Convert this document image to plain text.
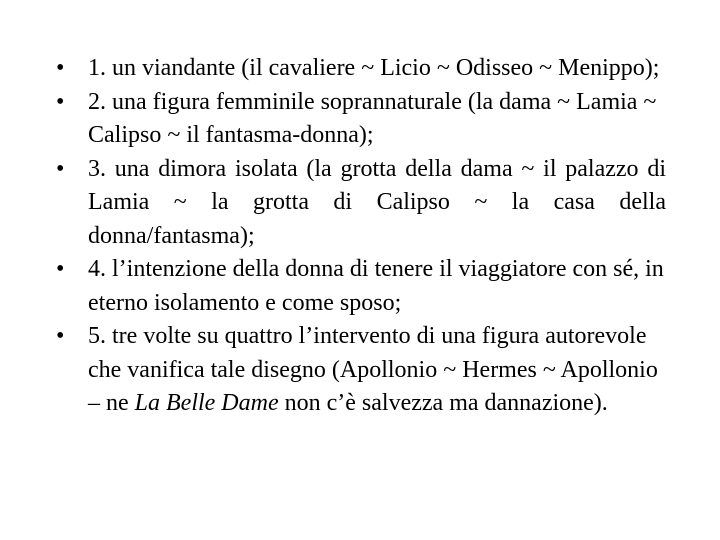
• 1. un viandante (il cavaliere ~ Licio ~ Odisseo ~ Menippo);
• 2. una figura femminile soprannaturale (la dama ~ Lamia ~ Calipso ~ il fantasma-donna);
• 3. una dimora isolata (la grotta della dama ~ il palazzo di Lamia ~ la grotta di Calipso ~ la casa della donna/fantasma);
• 4. l’intenzione della donna di tenere il viaggiatore con sé, in eterno isolamento e come sposo;
• 5. tre volte su quattro l’intervento di una figura autorevole che vanifica tale disegno (Apollonio ~ Hermes ~ Apollonio – ne La Belle Dame non c’è salvezza ma dannazione).
